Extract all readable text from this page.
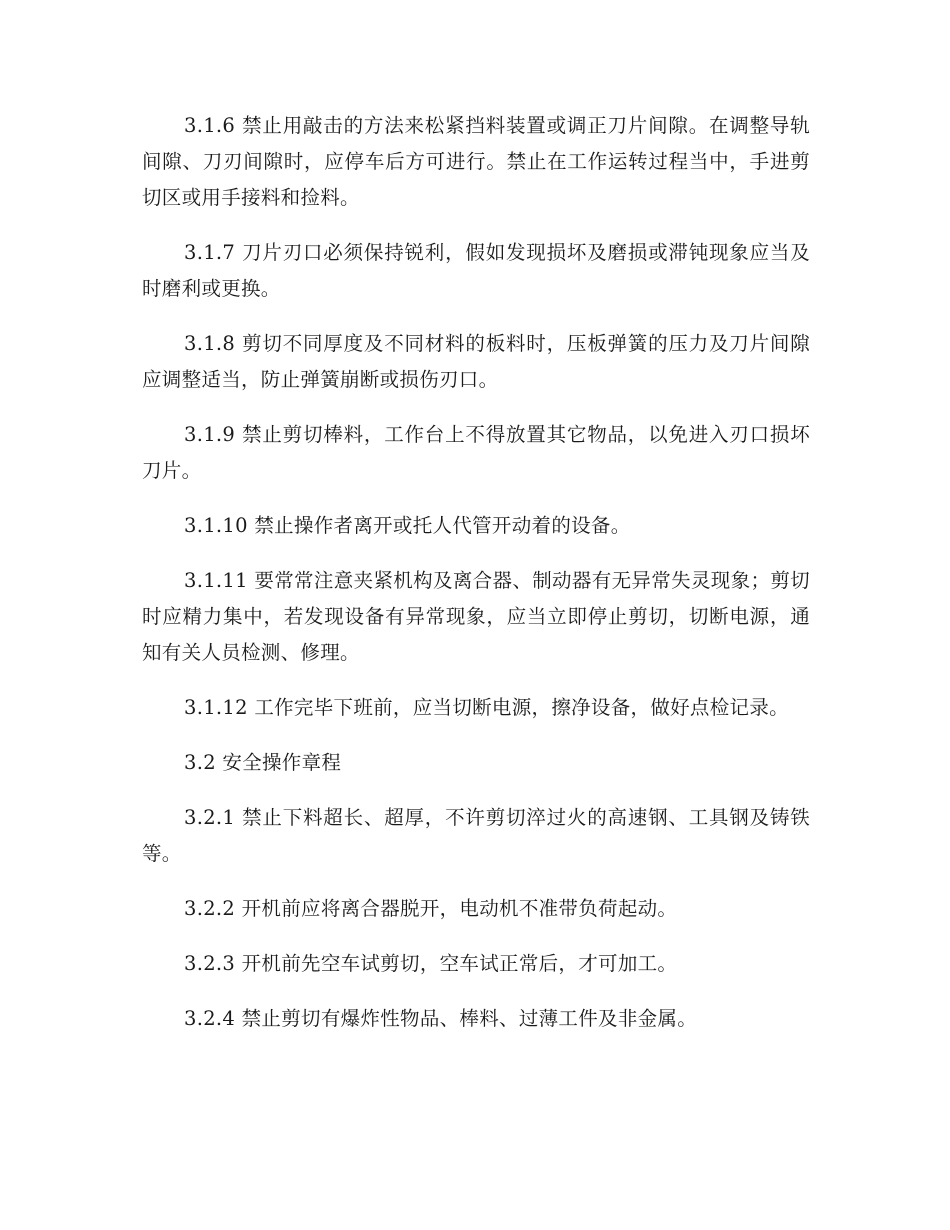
3.1.6 禁止用敲击的方法来松紧挡料装置或调正刀片间隙。在调整导轨间隙、刀刃间隙时，应停车后方可进行。禁止在工作运转过程当中，手进剪切区或用手接料和捡料。

3.1.7 刀片刃口必须保持锐利，假如发现损坏及磨损或滞钝现象应当及时磨利或更换。

3.1.8 剪切不同厚度及不同材料的板料时，压板弹簧的压力及刀片间隙应调整适当，防止弹簧崩断或损伤刃口。

3.1.9 禁止剪切棒料，工作台上不得放置其它物品，以免进入刃口损坏刀片。

3.1.10 禁止操作者离开或托人代管开动着的设备。

3.1.11 要常常注意夹紧机构及离合器、制动器有无异常失灵现象；剪切时应精力集中，若发现设备有异常现象，应当立即停止剪切，切断电源，通知有关人员检测、修理。

3.1.12 工作完毕下班前，应当切断电源，擦净设备，做好点检记录。

3.2 安全操作章程

3.2.1 禁止下料超长、超厚，不许剪切淬过火的高速钢、工具钢及铸铁等。

3.2.2 开机前应将离合器脱开，电动机不准带负荷起动。

3.2.3 开机前先空车试剪切，空车试正常后，才可加工。

3.2.4 禁止剪切有爆炸性物品、棒料、过薄工件及非金属。
